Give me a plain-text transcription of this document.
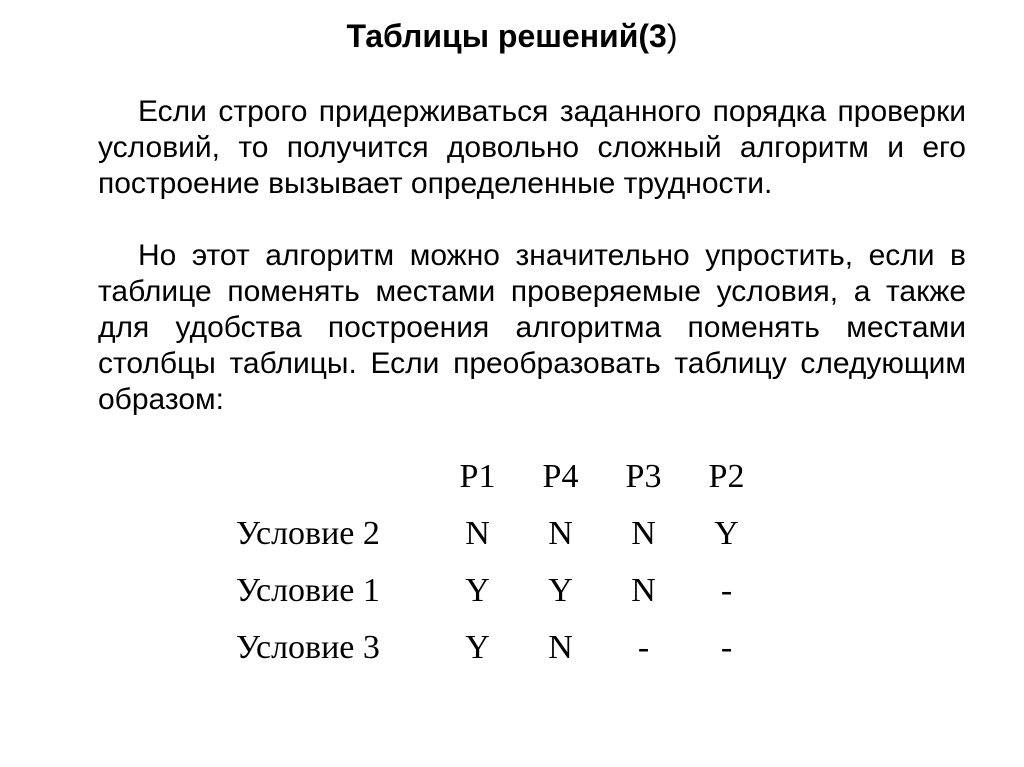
Таблицы решений(3)

Если строго придерживаться заданного порядка проверки условий, то получится довольно сложный алгоритм и его построение вызывает определенные трудности.

Но этот алгоритм можно значительно упростить, если в таблице поменять местами проверяемые условия, а также для удобства построения алгоритма поменять местами столбцы таблицы. Если преобразовать таблицу следующим образом:

	P1	P4	P3	P2
Условие 2	N	N	N	Y
Условие 1	Y	Y	N	-
Условие 3	Y	N	-	-
